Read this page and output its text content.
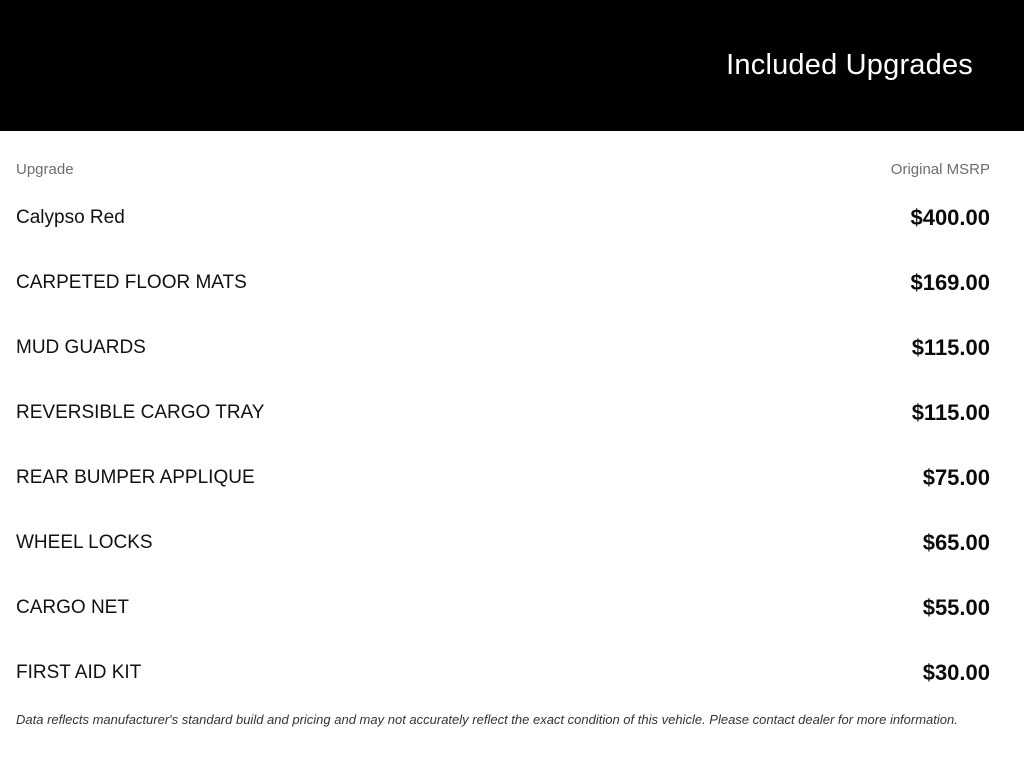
Included Upgrades
Upgrade	Original MSRP
Calypso Red	$400.00
CARPETED FLOOR MATS	$169.00
MUD GUARDS	$115.00
REVERSIBLE CARGO TRAY	$115.00
REAR BUMPER APPLIQUE	$75.00
WHEEL LOCKS	$65.00
CARGO NET	$55.00
FIRST AID KIT	$30.00

Data reflects manufacturer's standard build and pricing and may not accurately reflect the exact condition of this vehicle. Please contact dealer for more information.
